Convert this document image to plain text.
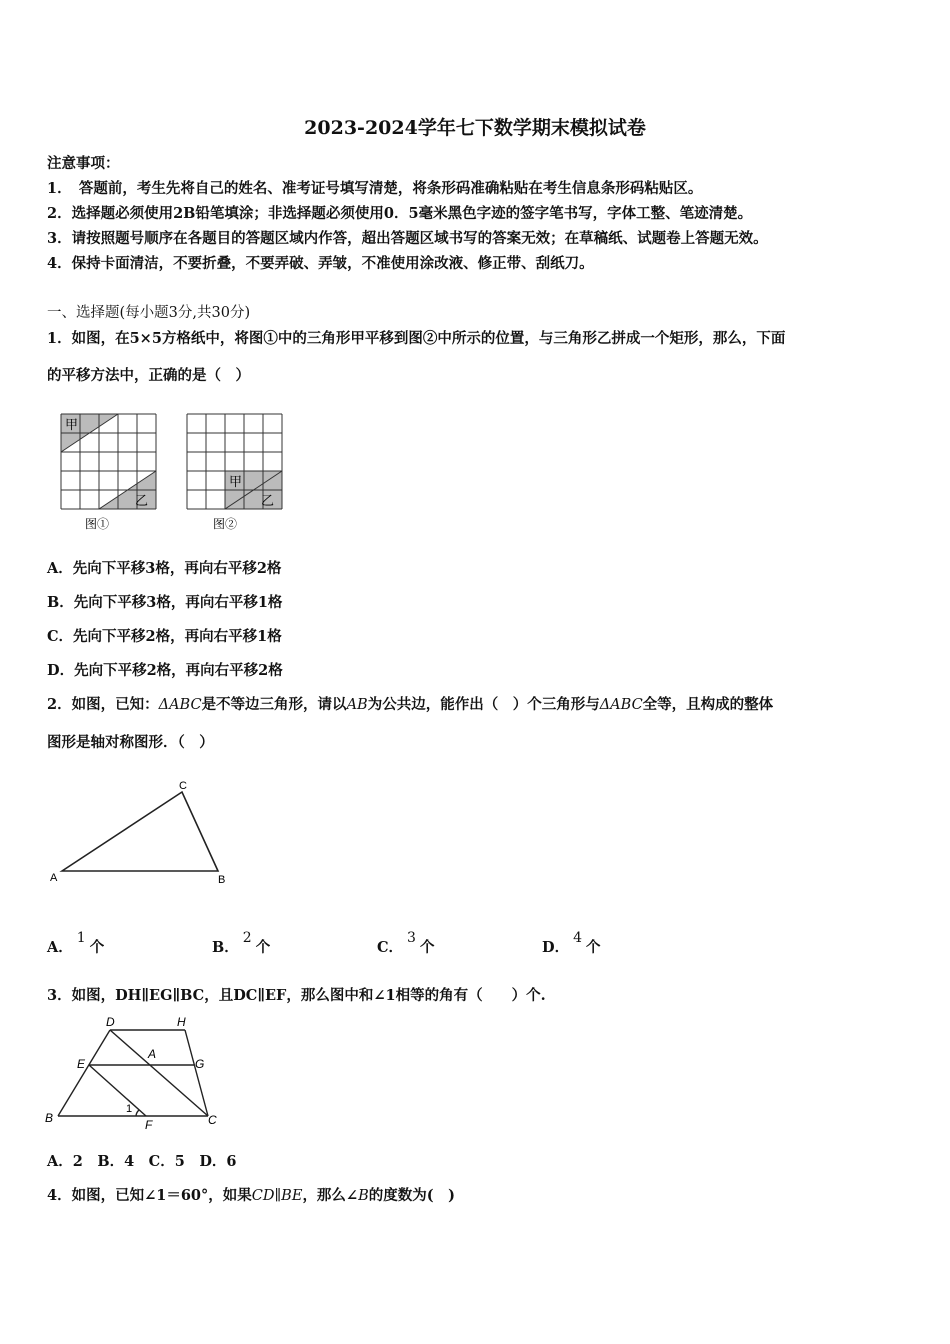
2023-2024学年七下数学期末模拟试卷
注意事项：
1．　答题前，考生先将自己的姓名、准考证号填写清楚，将条形码准确粘贴在考生信息条形码粘贴区。
2．选择题必须使用2B铅笔填涂；非选择题必须使用0．5毫米黑色字迹的签字笔书写，字体工整、笔迹清楚。
3．请按照题号顺序在各题目的答题区域内作答，超出答题区域书写的答案无效；在草稿纸、试题卷上答题无效。
4．保持卡面清洁，不要折叠，不要弄破、弄皱，不准使用涂改液、修正带、刮纸刀。
一、选择题(每小题3分,共30分)
1．如图，在5×5方格纸中，将图①中的三角形甲平移到图②中所示的位置，与三角形乙拼成一个矩形，那么，下面
的平移方法中，正确的是（　）
甲
乙
图①
甲
乙
图②
A．先向下平移3格，再向右平移2格
B．先向下平移3格，再向右平移1格
C．先向下平移2格，再向右平移1格
D．先向下平移2格，再向右平移2格
2．如图，已知：ΔABC是不等边三角形，请以AB为公共边，能作出（　）个三角形与ΔABC全等，且构成的整体
图形是轴对称图形．（　）
A	B
C
A．1个	B．2个	C．3个	D．4个
3．如图，DH∥EG∥BC，且DC∥EF，那么图中和∠1相等的角有（　　）个.
D	H
E
A
G
B	F	C
1
A．2　B．4　C．5　D．6
4．如图，已知∠1＝60°，如果CD∥BE，那么∠B的度数为(　)
